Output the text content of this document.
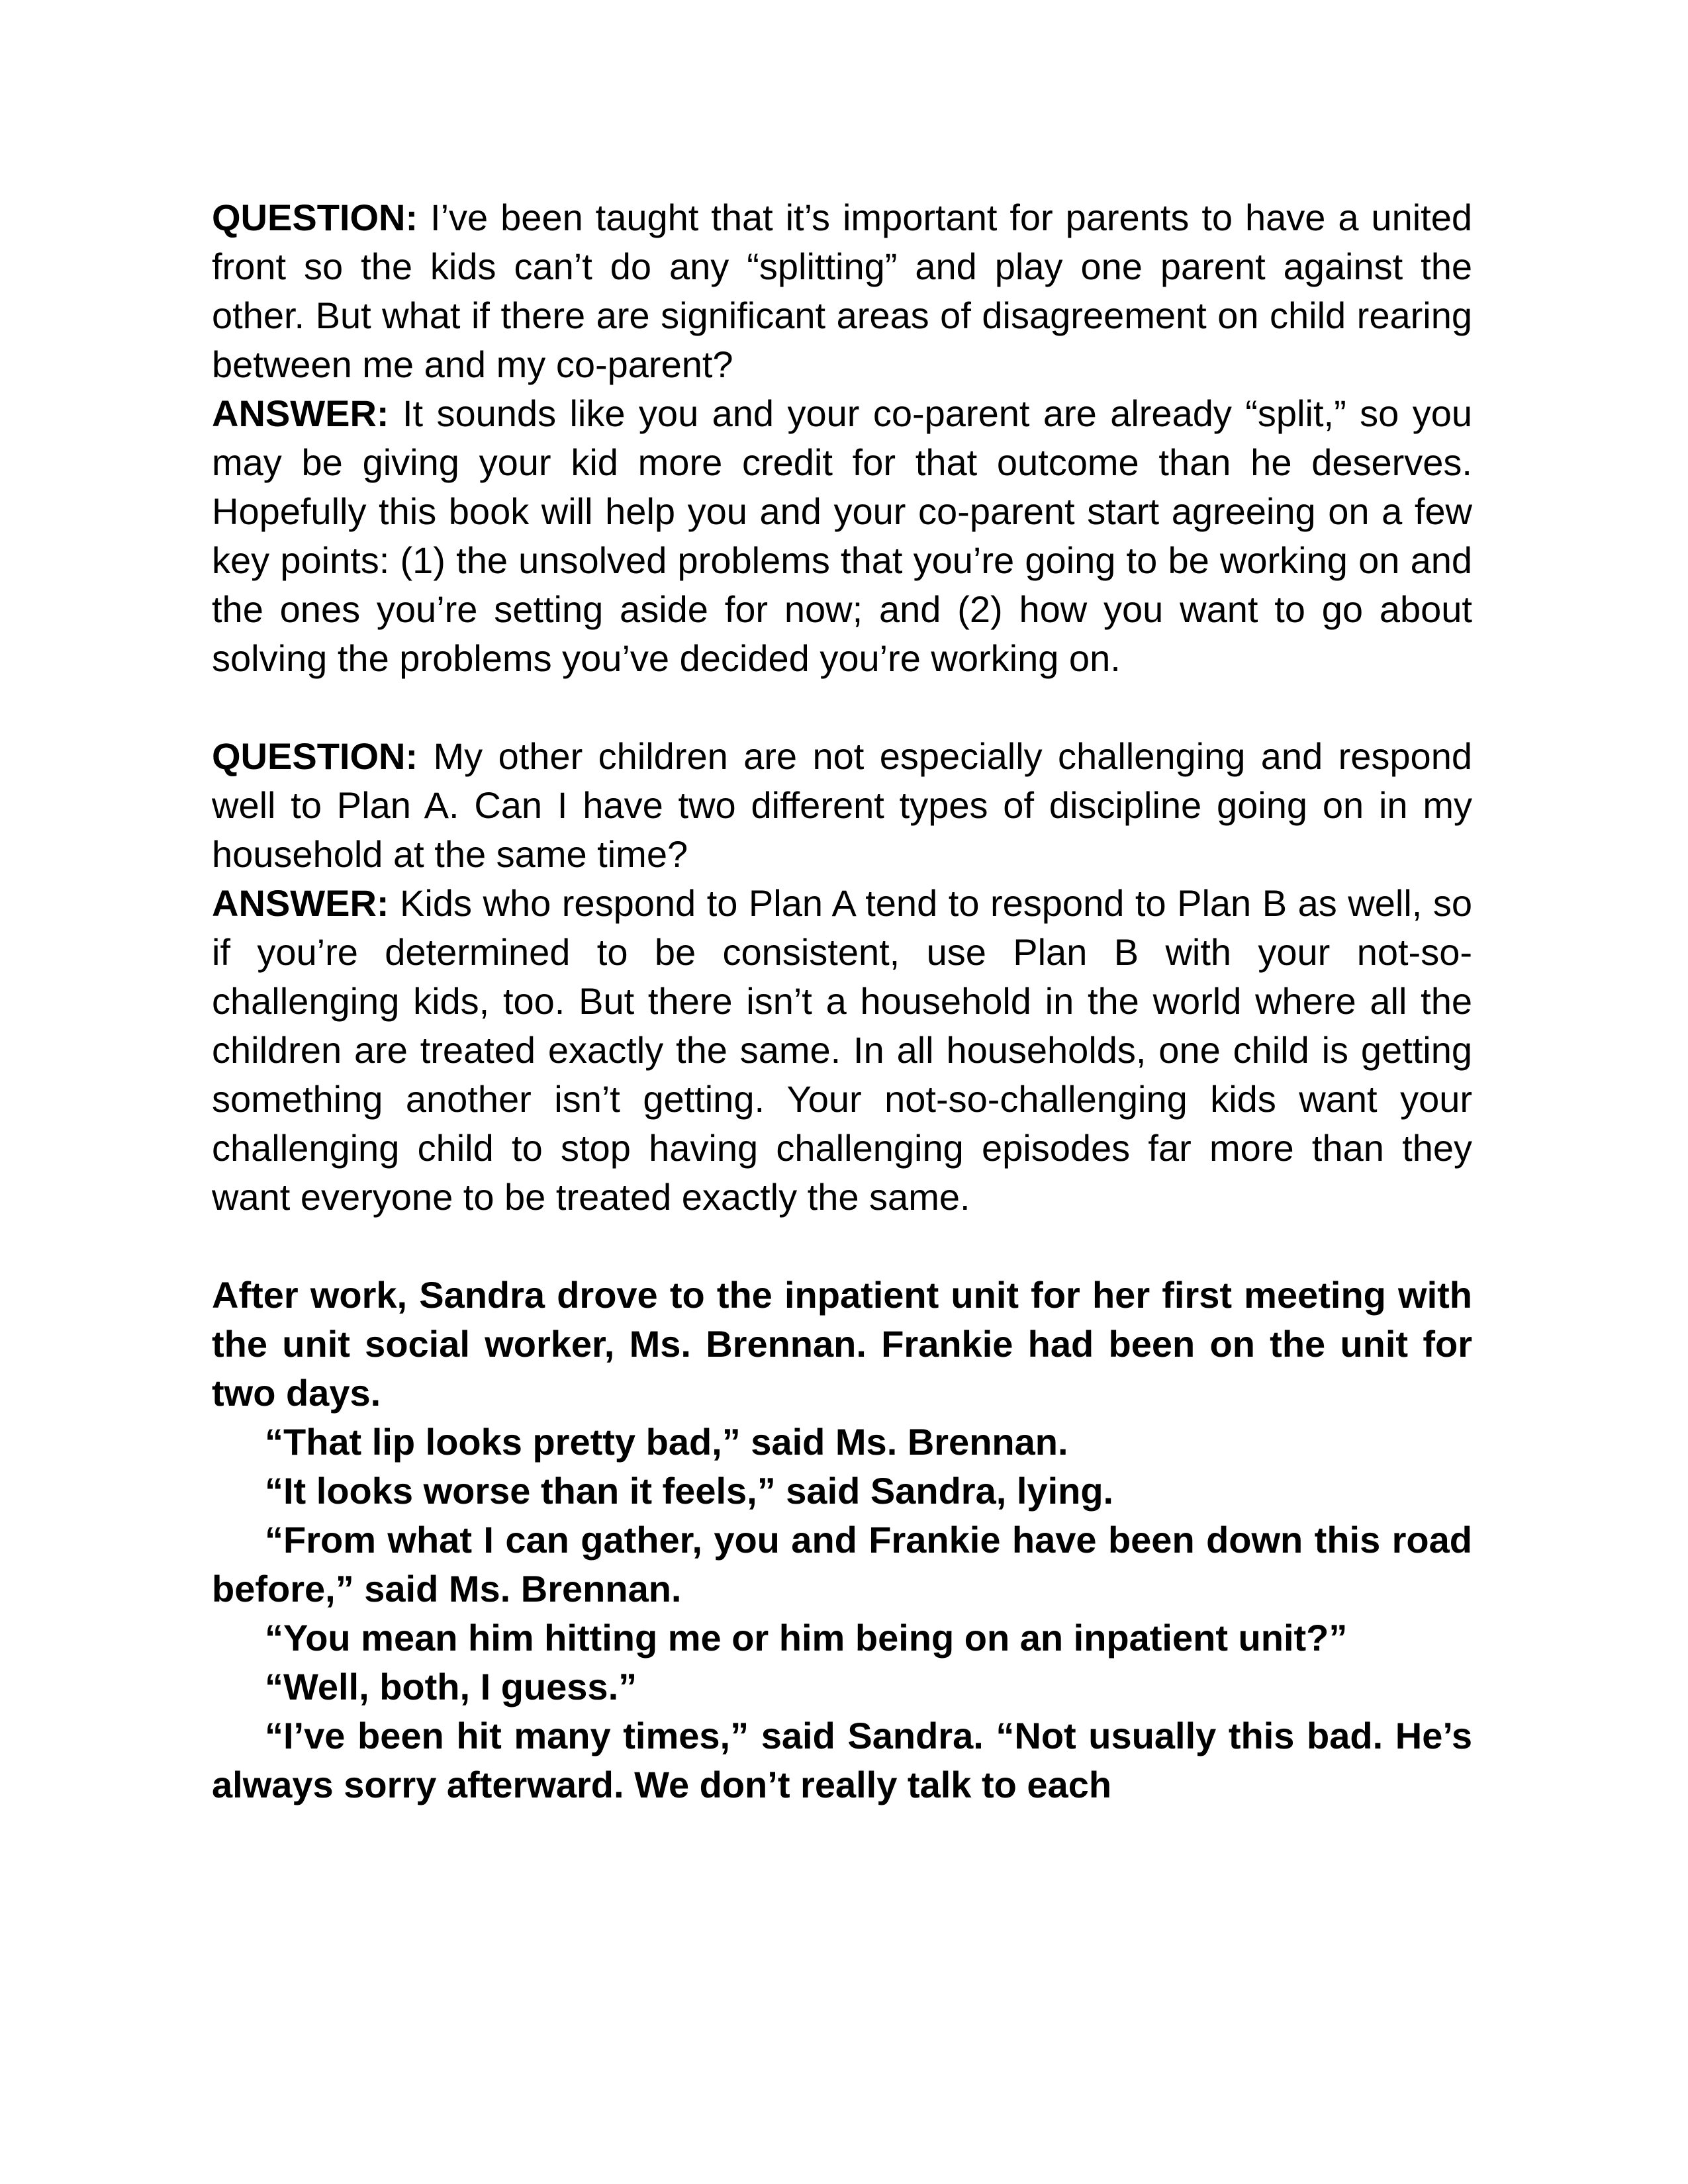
QUESTION: I’ve been taught that it’s important for parents to have a united front so the kids can’t do any “splitting” and play one parent against the other. But what if there are significant areas of disagreement on child rearing between me and my co-parent?

ANSWER: It sounds like you and your co-parent are already “split,” so you may be giving your kid more credit for that outcome than he deserves. Hopefully this book will help you and your co-parent start agreeing on a few key points: (1) the unsolved problems that you’re going to be working on and the ones you’re setting aside for now; and (2) how you want to go about solving the problems you’ve decided you’re working on.

QUESTION: My other children are not especially challenging and respond well to Plan A. Can I have two different types of discipline going on in my household at the same time?

ANSWER: Kids who respond to Plan A tend to respond to Plan B as well, so if you’re determined to be consistent, use Plan B with your not-so-challenging kids, too. But there isn’t a household in the world where all the children are treated exactly the same. In all households, one child is getting something another isn’t getting. Your not-so-challenging kids want your challenging child to stop having challenging episodes far more than they want everyone to be treated exactly the same.

After work, Sandra drove to the inpatient unit for her first meeting with the unit social worker, Ms. Brennan. Frankie had been on the unit for two days.

“That lip looks pretty bad,” said Ms. Brennan.

“It looks worse than it feels,” said Sandra, lying.

“From what I can gather, you and Frankie have been down this road before,” said Ms. Brennan.

“You mean him hitting me or him being on an inpatient unit?”

“Well, both, I guess.”

“I’ve been hit many times,” said Sandra. “Not usually this bad. He’s always sorry afterward. We don’t really talk to each
